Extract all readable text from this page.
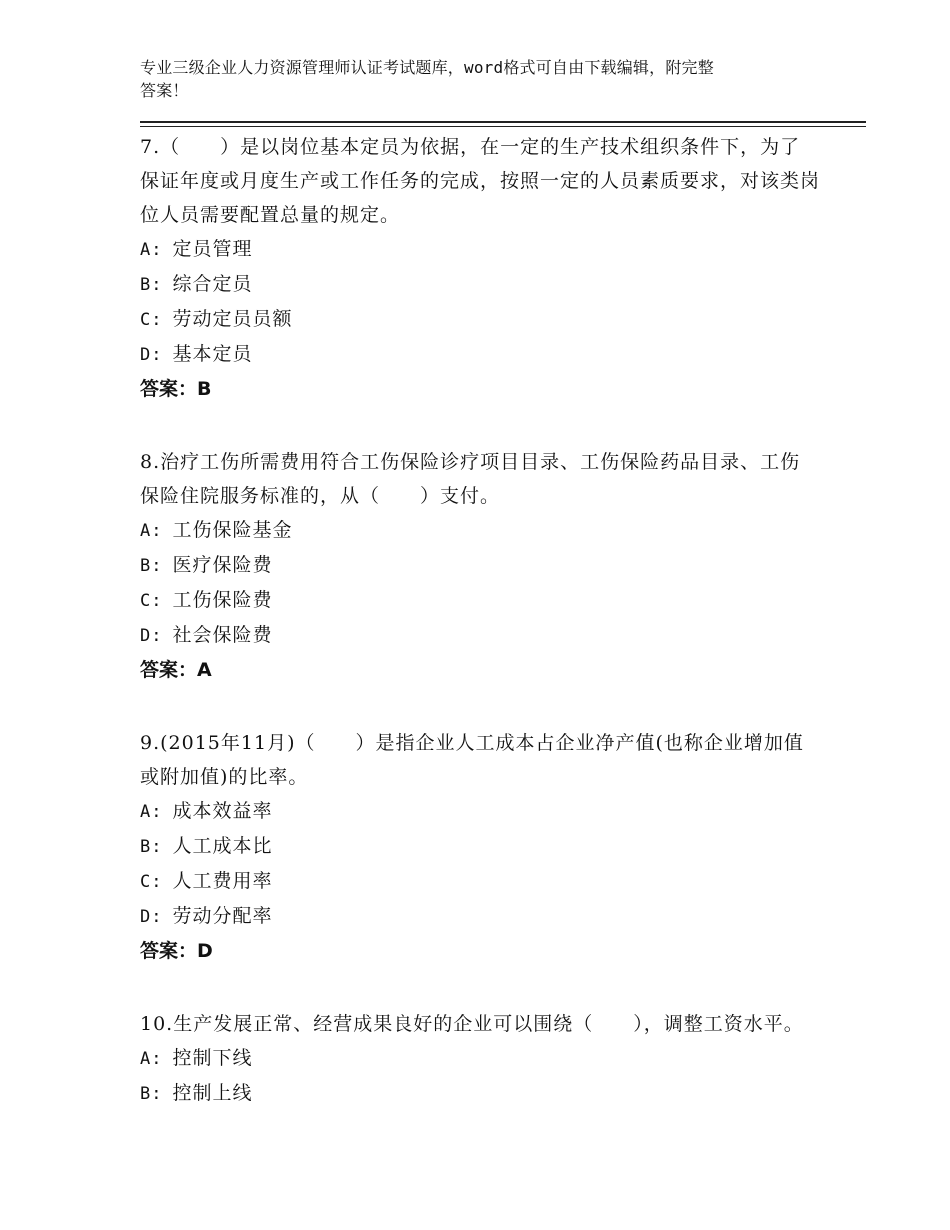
专业三级企业人力资源管理师认证考试题库，word格式可自由下载编辑，附完整
答案！

7.（　　）是以岗位基本定员为依据，在一定的生产技术组织条件下，为了保证年度或月度生产或工作任务的完成，按照一定的人员素质要求，对该类岗位人员需要配置总量的规定。

A: 定员管理

B: 综合定员

C: 劳动定员员额

D: 基本定员

答案：B

8.治疗工伤所需费用符合工伤保险诊疗项目目录、工伤保险药品目录、工伤保险住院服务标准的，从（　　）支付。

A: 工伤保险基金

B: 医疗保险费

C: 工伤保险费

D: 社会保险费

答案：A

9.(2015年11月)（　　）是指企业人工成本占企业净产值(也称企业增加值或附加值)的比率。

A: 成本效益率

B: 人工成本比

C: 人工费用率

D: 劳动分配率

答案：D

10.生产发展正常、经营成果良好的企业可以围绕（　　），调整工资水平。

A: 控制下线

B: 控制上线
